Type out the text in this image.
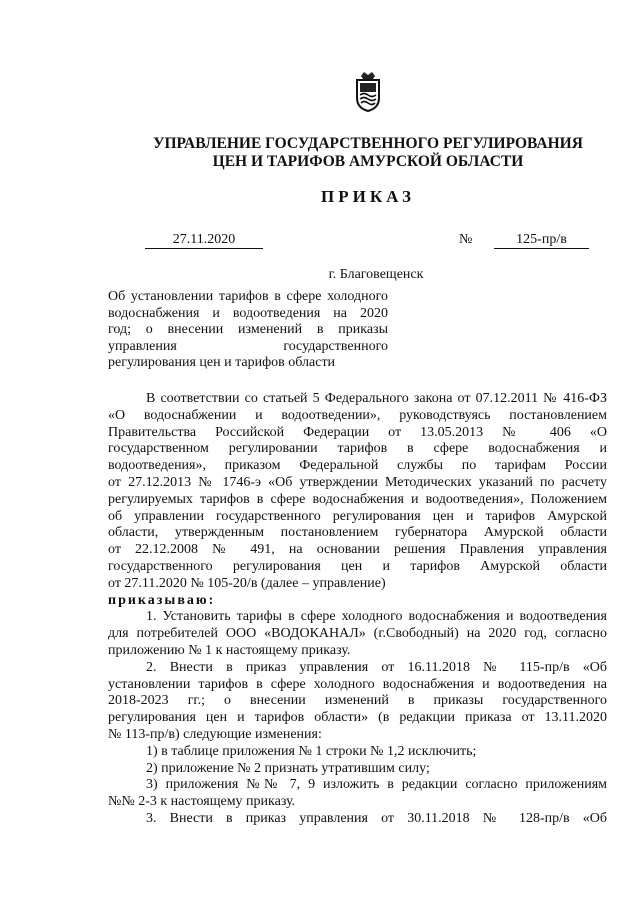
УПРАВЛЕНИЕ ГОСУДАРСТВЕННОГО РЕГУЛИРОВАНИЯ
ЦЕН И ТАРИФОВ АМУРСКОЙ ОБЛАСТИ
ПРИКАЗ
27.11.2020	№	125-пр/в
г. Благовещенск
Об установлении тарифов в сфере холодного
водоснабжения и водоотведения на 2020
год; о внесении изменений в приказы
управления государственного
регулирования цен и тарифов области
В соответствии со статьей 5 Федерального закона от 07.12.2011 № 416-ФЗ
«О водоснабжении и водоотведении», руководствуясь постановлением
Правительства Российской Федерации от 13.05.2013 № 406 «О
государственном регулировании тарифов в сфере водоснабжения и
водоотведения», приказом Федеральной службы по тарифам России
от 27.12.2013 № 1746-э «Об утверждении Методических указаний по расчету
регулируемых тарифов в сфере водоснабжения и водоотведения», Положением
об управлении государственного регулирования цен и тарифов Амурской
области, утвержденным постановлением губернатора Амурской области
от 22.12.2008 № 491, на основании решения Правления управления
государственного регулирования цен и тарифов Амурской области
от 27.11.2020 № 105-20/в (далее – управление)
приказываю:
1. Установить тарифы в сфере холодного водоснабжения и водоотведения
для потребителей ООО «ВОДОКАНАЛ» (г.Свободный) на 2020 год, согласно
приложению № 1 к настоящему приказу.
2. Внести в приказ управления от 16.11.2018 № 115-пр/в «Об
установлении тарифов в сфере холодного водоснабжения и водоотведения на
2018-2023 гг.; о внесении изменений в приказы государственного
регулирования цен и тарифов области» (в редакции приказа от 13.11.2020
№ 113-пр/в) следующие изменения:
1) в таблице приложения № 1 строки № 1,2 исключить;
2) приложение № 2 признать утратившим силу;
3) приложения №№ 7, 9 изложить в редакции согласно приложениям
№№ 2-3 к настоящему приказу.
3. Внести в приказ управления от 30.11.2018 № 128-пр/в «Об
